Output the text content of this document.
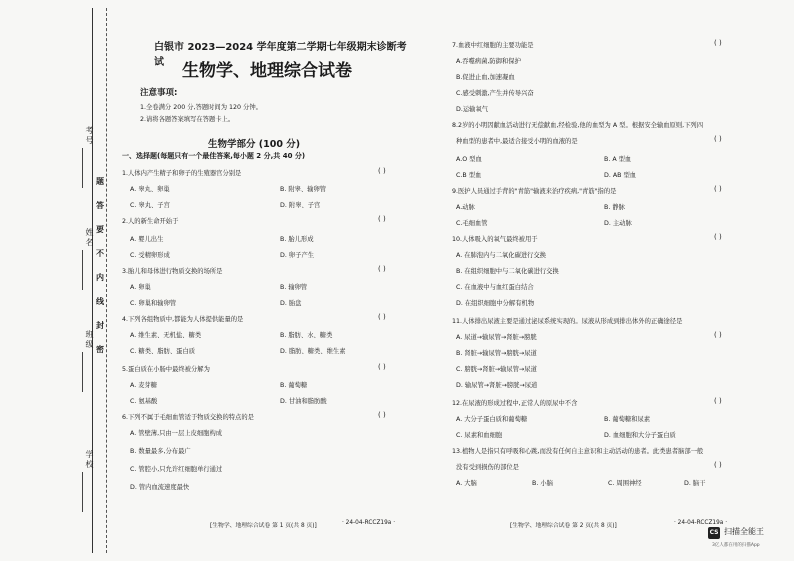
考号
姓名
班级
学校
题
答
要
不
内
线
封
密
白银市 2023—2024 学年度第二学期七年级期末诊断考试	生物学、地理综合试卷
注意事项:
1.全卷满分 200 分,答题时间为 120 分钟。
2.请将各题答案填写在答题卡上。
生物学部分 (100 分)
一、选择题(每题只有一个最佳答案,每小题 2 分,共 40 分)
1.人体内产生精子和卵子的生殖器官分别是	( )
A. 睾丸、卵巢	B. 附睾、输卵管
C. 睾丸、子宫	D. 附睾、子宫
2.人的新生命开始于	( )
A. 婴儿出生	B. 胎儿形成
C. 受精卵形成	D. 卵子产生
3.胎儿和母体进行物质交换的场所是	( )
A. 卵巢	B. 输卵管
C. 卵巢和输卵管	D. 胎盘
4.下列各组物质中,都能为人体提供能量的是	( )
A. 维生素、无机盐、糖类	B. 脂肪、水、糖类
C. 糖类、脂肪、蛋白质	D. 脂肪、糖类、维生素
5.蛋白质在小肠中最终被分解为	( )
A. 麦芽糖	B. 葡萄糖
C. 氨基酸	D. 甘油和脂肪酸
6.下列不属于毛细血管适于物质交换的特点的是	( )
A. 管壁薄,只由一层上皮细胞构成
B. 数量最多,分布最广
C. 管腔小,只允许红细胞单行通过
D. 管内血流速度最快
[生物学、地理综合试卷 第 1 页(共 8 页)]	· 24-04-RCCZ19a ·
7.血液中红细胞的主要功能是	( )
A.吞噬病菌,防御和保护
B.促进止血,加速凝血
C.感受刺激,产生并传导兴奋
D.运输氧气
8.2岁的小明因献血活动进行无偿献血,经检验,他的血型为 A 型。根据安全输血原则,下列四
种血型的患者中,最适合接受小明的血液的是	( )
A.O 型血	B. A 型血
C.B 型血	D. AB 型血
9.医护人员通过手背的"青筋"输液来治疗疾病,"青筋"指的是	( )
A.动脉	B. 静脉
C.毛细血管	D. 主动脉
10.人体吸入的氧气最终被用于	( )
A. 在肺泡内与二氧化碳进行交换
B. 在组织细胞中与二氧化碳进行交换
C. 在血液中与血红蛋白结合
D. 在组织细胞中分解有机物
11.人体排出尿液主要是通过泌尿系统实现的。尿液从形成到排出体外的正确途径是
( )
A. 尿道→输尿管→肾脏→膀胱
B. 肾脏→输尿管→膀胱→尿道
C. 膀胱→肾脏→输尿管→尿道
D. 输尿管→肾脏→膀胱→尿道
12.在尿液的形成过程中,正常人的原尿中不含	( )
A. 大分子蛋白质和葡萄糖	B. 葡萄糖和尿素
C. 尿素和血细胞	D. 血细胞和大分子蛋白质
13.植物人是指只有呼吸和心跳,而没有任何自主意识和主动活动的患者。此类患者脑部一般
没有受到损伤的部位是	( )
A. 大脑	B. 小脑	C. 周围神经	D. 脑干
[生物学、地理综合试卷 第 2 页(共 8 页)]	· 24-04-RCCZ19a ·
CS 扫描全能王
3亿人都在用的扫描App
